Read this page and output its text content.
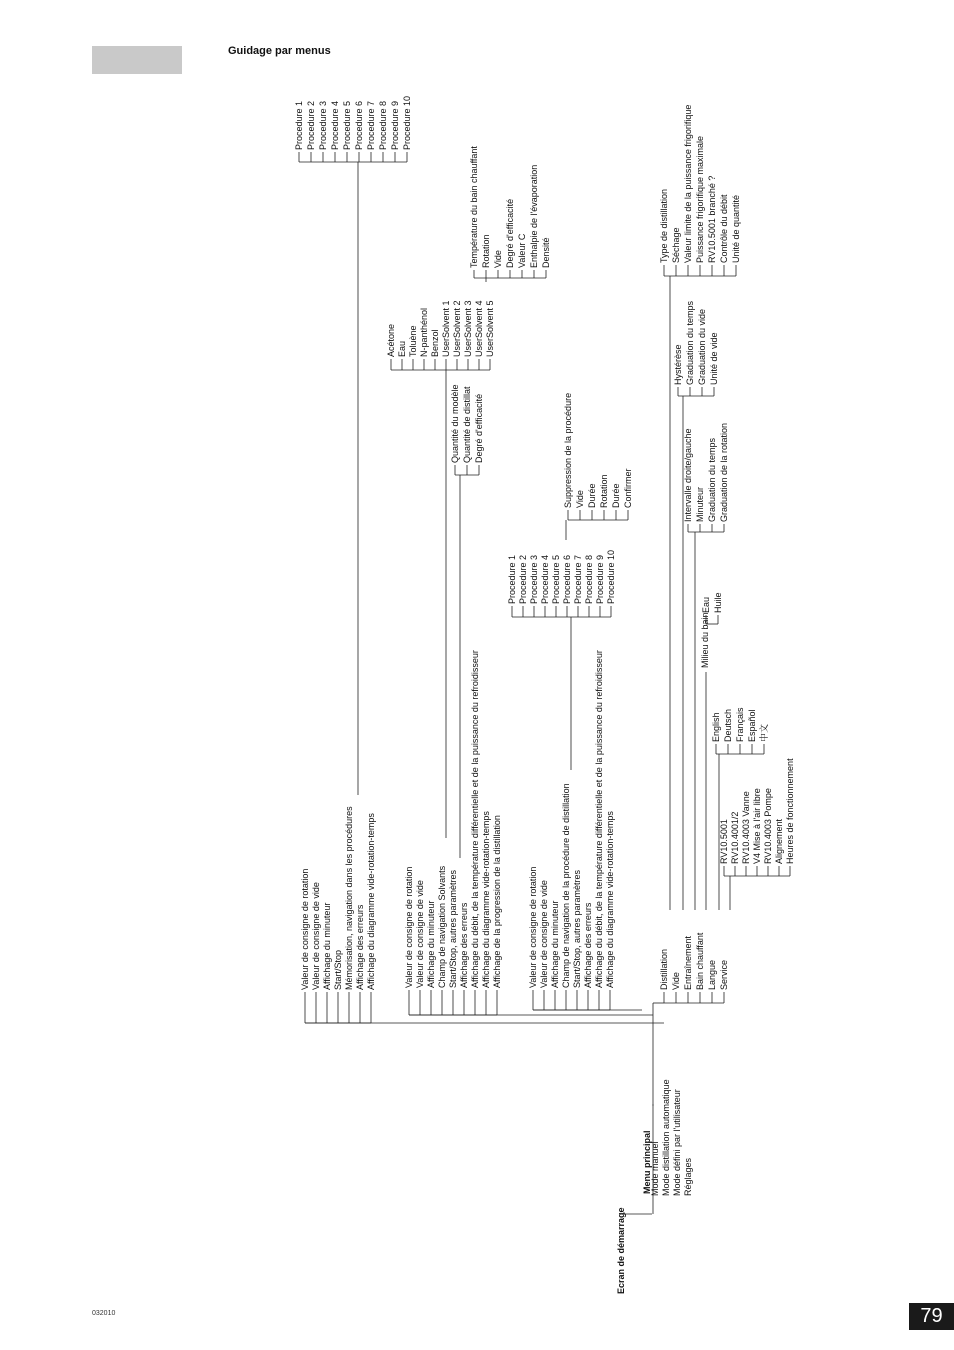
Guidage par menus
032010	79
Ecran de démarrage
Menu principal
Mode manuel Mode distillation automatique Mode défini par l'utilisateur Réglages
Valeur de consigne de rotation Valeur de consigne de vide Affichage du minuteur Start/Stop Mémorisation, navigation dans les procédures Affichage des erreurs Affichage du diagramme vide-rotation-temps
Procedure 1 Procedure 2 Procedure 3 Procedure 4 Procedure 5 Procedure 6 Procedure 7 Procedure 8 Procedure 9 Procedure 10
Valeur de consigne de rotation Valeur de consigne de vide Affichage du minuteur Champ de navigation Solvants Start/Stop, autres paramètres Affichage des erreurs Affichage du débit, de la température différentielle et de la puissance du refroidisseur Affichage du diagramme vide-rotation-temps Affichage de la progression de la distillation
Acétone Eau Toluène N-panthénol Benzol UserSolvent 1 UserSolvent 2 UserSolvent 3 UserSolvent 4 UserSolvent 5
Température du bain chauffant Rotation Vide Degré d'efficacité Valeur C Enthalpie de l'évaporation Densité
Quantité du modèle Quantité de distillat Degré d'efficacité
Valeur de consigne de rotation Valeur de consigne de vide Affichage du minuteur Champ de navigation de la procédure de distillation Start/Stop, autres paramètres Affichage des erreurs Affichage du débit, de la température différentielle et de la puissance du refroidisseur Affichage du diagramme vide-rotation-temps
Procedure 1 Procedure 2 Procedure 3 Procedure 4 Procedure 5 Procedure 6 Procedure 7 Procedure 8 Procedure 9 Procedure 10
Suppression de la procédure Vide Durée Rotation Durée Confirmer
Distillation Vide Entraînement Bain chauffant Langue Service
Type de distillation Séchage Valeur limite de la puissance frigorifique Puissance frigorifique maximale RV10.5001 branché ? Contrôle du débit Unité de quantité
Hystérèse Graduation du temps Graduation du vide Unité de vide
Intervalle droite/gauche Minuteur Graduation du temps Graduation de la rotation
Milieu du bain
Eau Huile
English Deutsch Français Español 中文
RV10.5001 RV10.4001/2 RV10.4003 Vanne V4 Mise à l'air libre RV10.4003 Pompe Alignement Heures de fonctionnement
